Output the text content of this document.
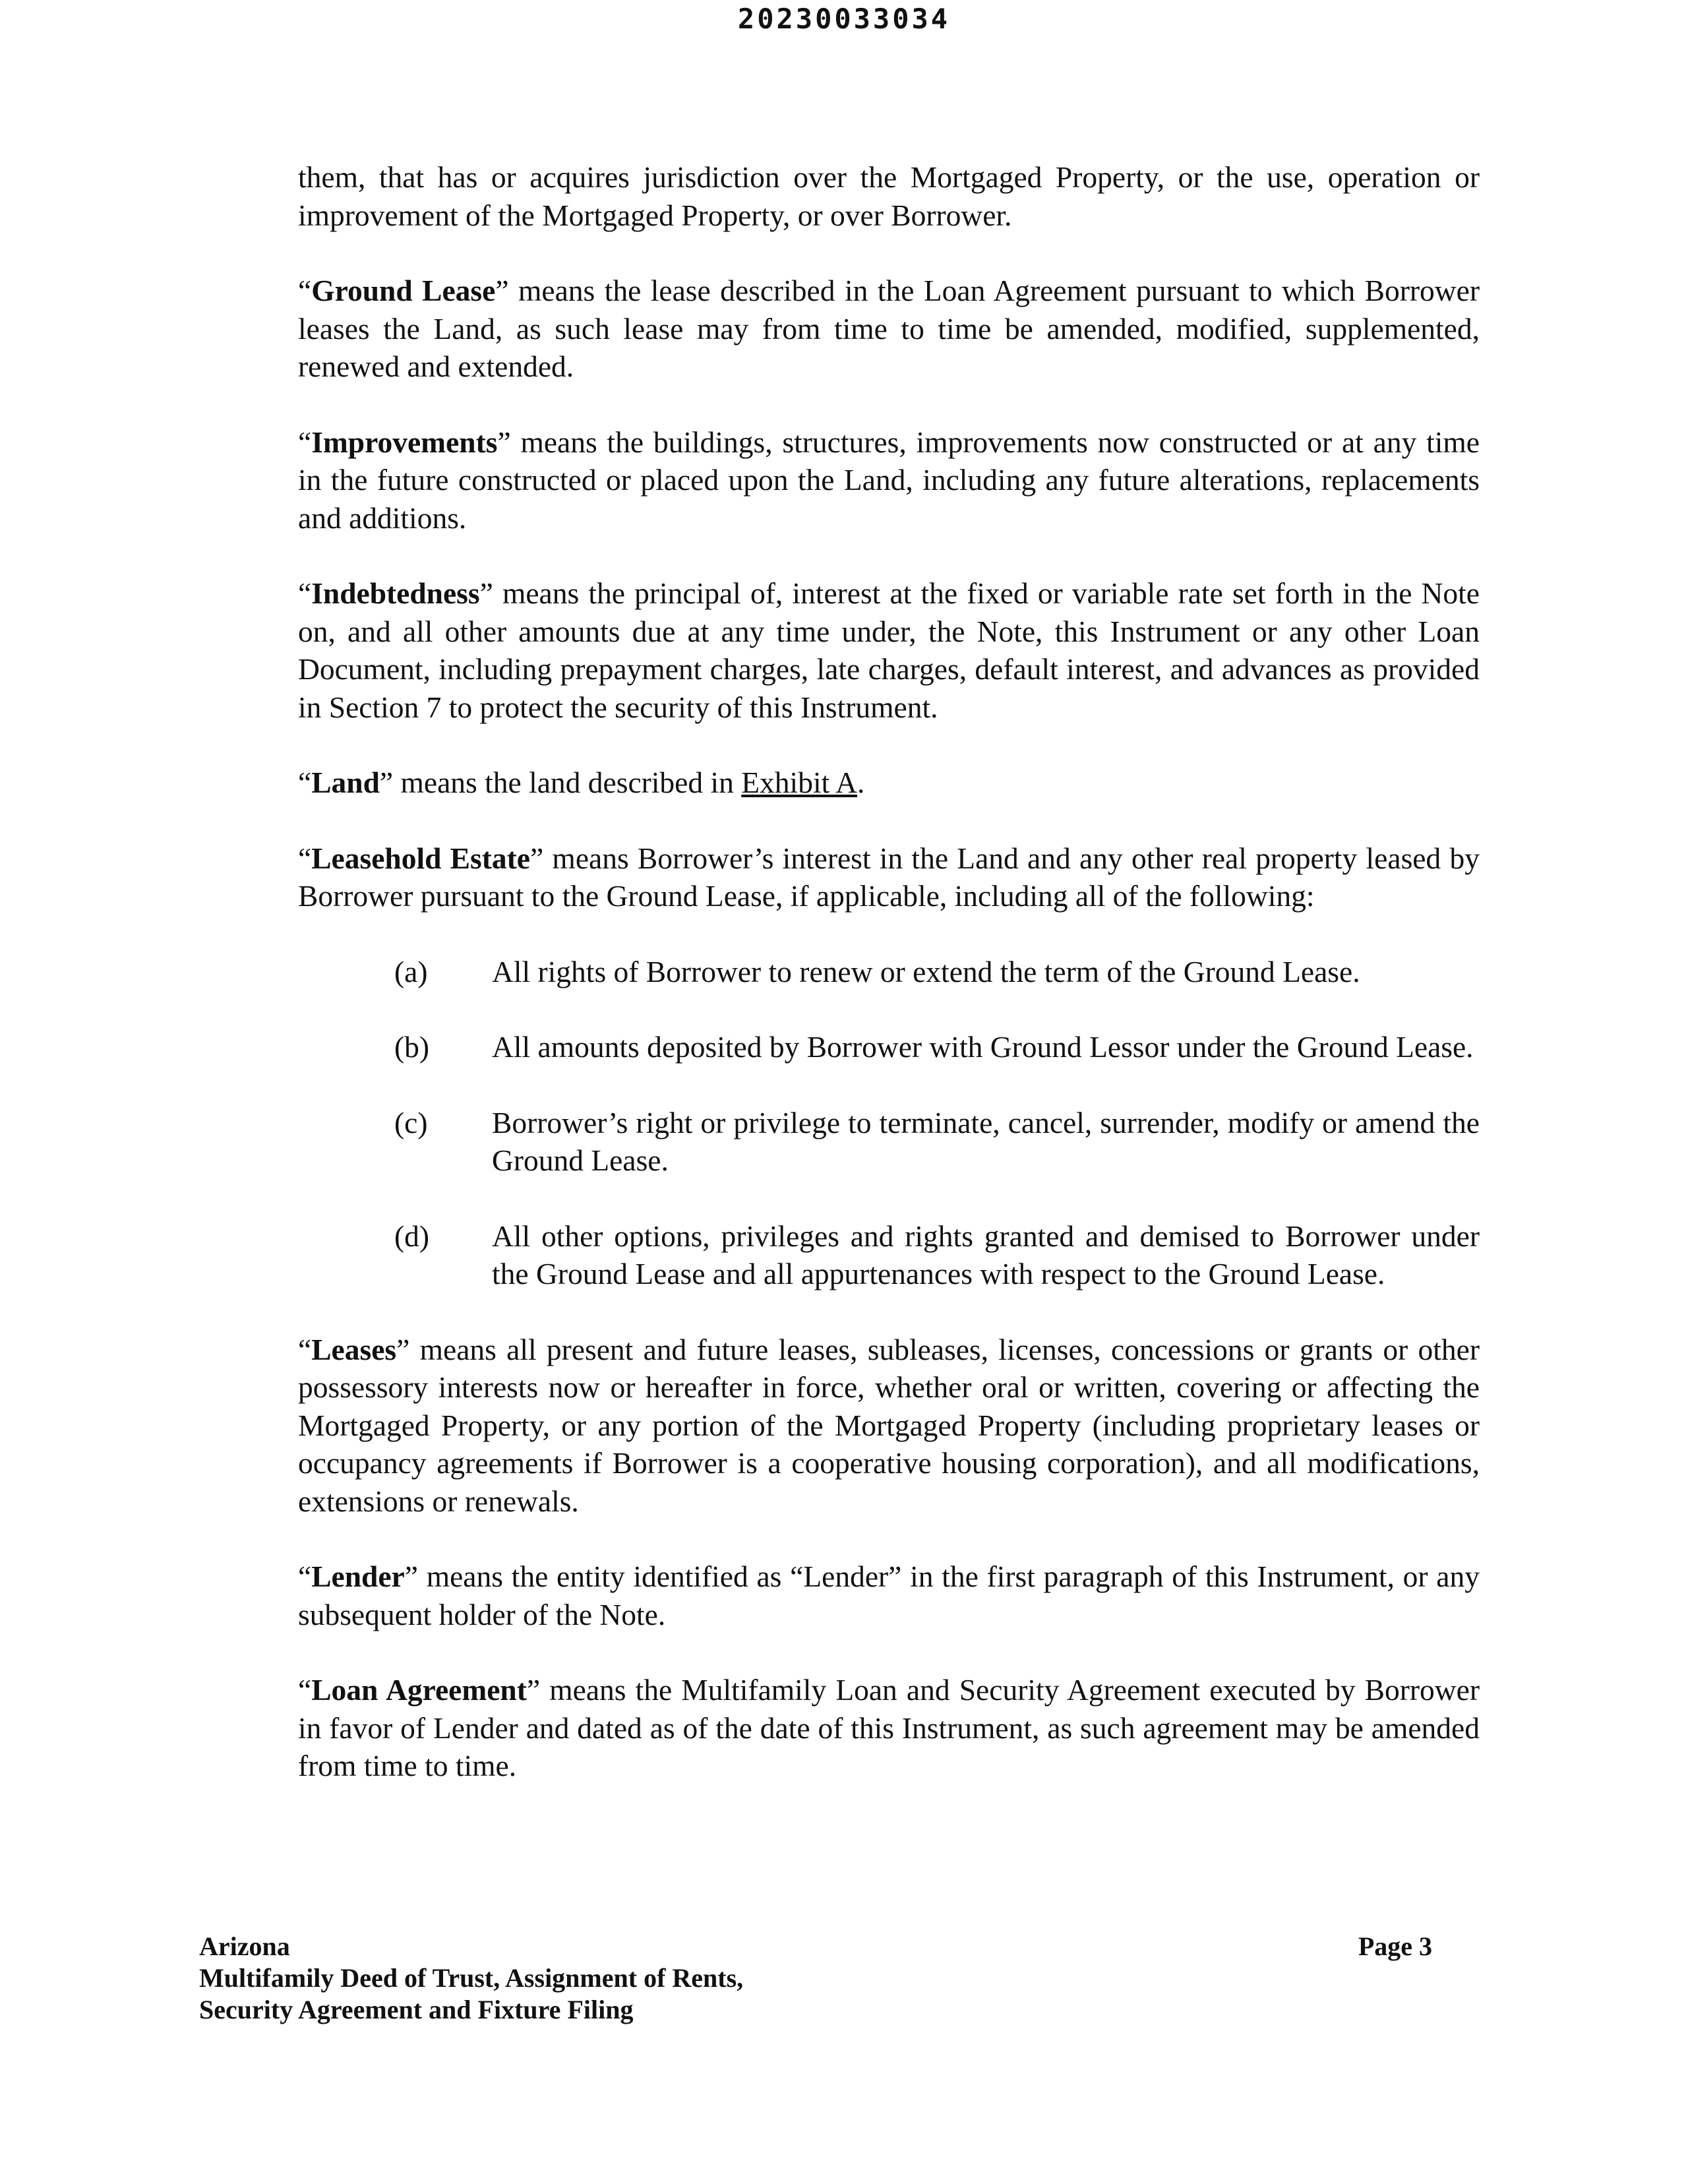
20230033034

them, that has or acquires jurisdiction over the Mortgaged Property, or the use, operation or improvement of the Mortgaged Property, or over Borrower.

“Ground Lease” means the lease described in the Loan Agreement pursuant to which Borrower leases the Land, as such lease may from time to time be amended, modified, supplemented, renewed and extended.

“Improvements” means the buildings, structures, improvements now constructed or at any time in the future constructed or placed upon the Land, including any future alterations, replacements and additions.

“Indebtedness” means the principal of, interest at the fixed or variable rate set forth in the Note on, and all other amounts due at any time under, the Note, this Instrument or any other Loan Document, including prepayment charges, late charges, default interest, and advances as provided in Section 7 to protect the security of this Instrument.

“Land” means the land described in Exhibit A.

“Leasehold Estate” means Borrower’s interest in the Land and any other real property leased by Borrower pursuant to the Ground Lease, if applicable, including all of the following:

(a)	All rights of Borrower to renew or extend the term of the Ground Lease.
(b)	All amounts deposited by Borrower with Ground Lessor under the Ground Lease.
(c)	Borrower’s right or privilege to terminate, cancel, surrender, modify or amend the Ground Lease.
(d)	All other options, privileges and rights granted and demised to Borrower under the Ground Lease and all appurtenances with respect to the Ground Lease.

“Leases” means all present and future leases, subleases, licenses, concessions or grants or other possessory interests now or hereafter in force, whether oral or written, covering or affecting the Mortgaged Property, or any portion of the Mortgaged Property (including proprietary leases or occupancy agreements if Borrower is a cooperative housing corporation), and all modifications, extensions or renewals.

“Lender” means the entity identified as “Lender” in the first paragraph of this Instrument, or any subsequent holder of the Note.

“Loan Agreement” means the Multifamily Loan and Security Agreement executed by Borrower in favor of Lender and dated as of the date of this Instrument, as such agreement may be amended from time to time.

Arizona
Multifamily Deed of Trust, Assignment of Rents,
Security Agreement and Fixture Filing
Page 3
